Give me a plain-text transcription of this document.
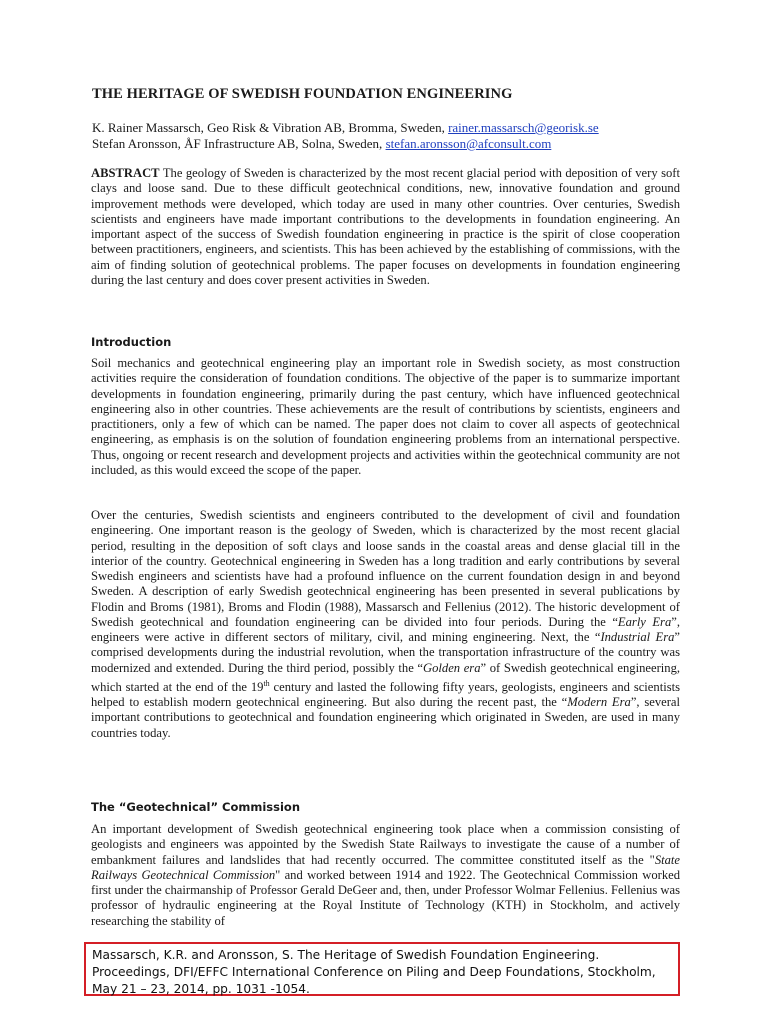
THE HERITAGE OF SWEDISH FOUNDATION ENGINEERING
K. Rainer Massarsch, Geo Risk & Vibration AB, Bromma, Sweden, rainer.massarsch@georisk.se
Stefan Aronsson, ÅF Infrastructure AB, Solna, Sweden, stefan.aronsson@afconsult.com
ABSTRACT The geology of Sweden is characterized by the most recent glacial period with deposition of very soft clays and loose sand. Due to these difficult geotechnical conditions, new, innovative foundation and ground improvement methods were developed, which today are used in many other countries. Over centuries, Swedish scientists and engineers have made important contributions to the developments in foundation engineering. An important aspect of the success of Swedish foundation engineering in practice is the spirit of close cooperation between practitioners, engineers, and scientists. This has been achieved by the establishing of commissions, with the aim of finding solution of geotechnical problems. The paper focuses on developments in foundation engineering during the last century and does cover present activities in Sweden.
Introduction
Soil mechanics and geotechnical engineering play an important role in Swedish society, as most construction activities require the consideration of foundation conditions. The objective of the paper is to summarize important developments in foundation engineering, primarily during the past century, which have influenced geotechnical engineering also in other countries. These achievements are the result of contributions by scientists, engineers and practitioners, only a few of which can be named. The paper does not claim to cover all aspects of geotechnical engineering, as emphasis is on the solution of foundation engineering problems from an international perspective. Thus, ongoing or recent research and development projects and activities within the geotechnical community are not included, as this would exceed the scope of the paper.
Over the centuries, Swedish scientists and engineers contributed to the development of civil and foundation engineering. One important reason is the geology of Sweden, which is characterized by the most recent glacial period, resulting in the deposition of soft clays and loose sands in the coastal areas and dense glacial till in the interior of the country. Geotechnical engineering in Sweden has a long tradition and early contributions by several Swedish engineers and scientists have had a profound influence on the current foundation design in and beyond Sweden. A description of early Swedish geotechnical engineering has been presented in several publications by Flodin and Broms (1981), Broms and Flodin (1988), Massarsch and Fellenius (2012). The historic development of Swedish geotechnical and foundation engineering can be divided into four periods. During the “Early Era”, engineers were active in different sectors of military, civil, and mining engineering. Next, the “Industrial Era” comprised developments during the industrial revolution, when the transportation infrastructure of the country was modernized and extended. During the third period, possibly the “Golden era” of Swedish geotechnical engineering, which started at the end of the 19th century and lasted the following fifty years, geologists, engineers and scientists helped to establish modern geotechnical engineering. But also during the recent past, the “Modern Era”, several important contributions to geotechnical and foundation engineering which originated in Sweden, are used in many countries today.
The “Geotechnical” Commission
An important development of Swedish geotechnical engineering took place when a commission consisting of geologists and engineers was appointed by the Swedish State Railways to investigate the cause of a number of embankment failures and landslides that had recently occurred. The committee constituted itself as the "State Railways Geotechnical Commission" and worked between 1914 and 1922. The Geotechnical Commission worked first under the chairmanship of Professor Gerald DeGeer and, then, under Professor Wolmar Fellenius. Fellenius was professor of hydraulic engineering at the Royal Institute of Technology (KTH) in Stockholm, and actively researching the stability of
Massarsch, K.R. and Aronsson, S. The Heritage of Swedish Foundation Engineering. Proceedings, DFI/EFFC International Conference on Piling and Deep Foundations, Stockholm, May 21 – 23, 2014, pp. 1031 -1054.
